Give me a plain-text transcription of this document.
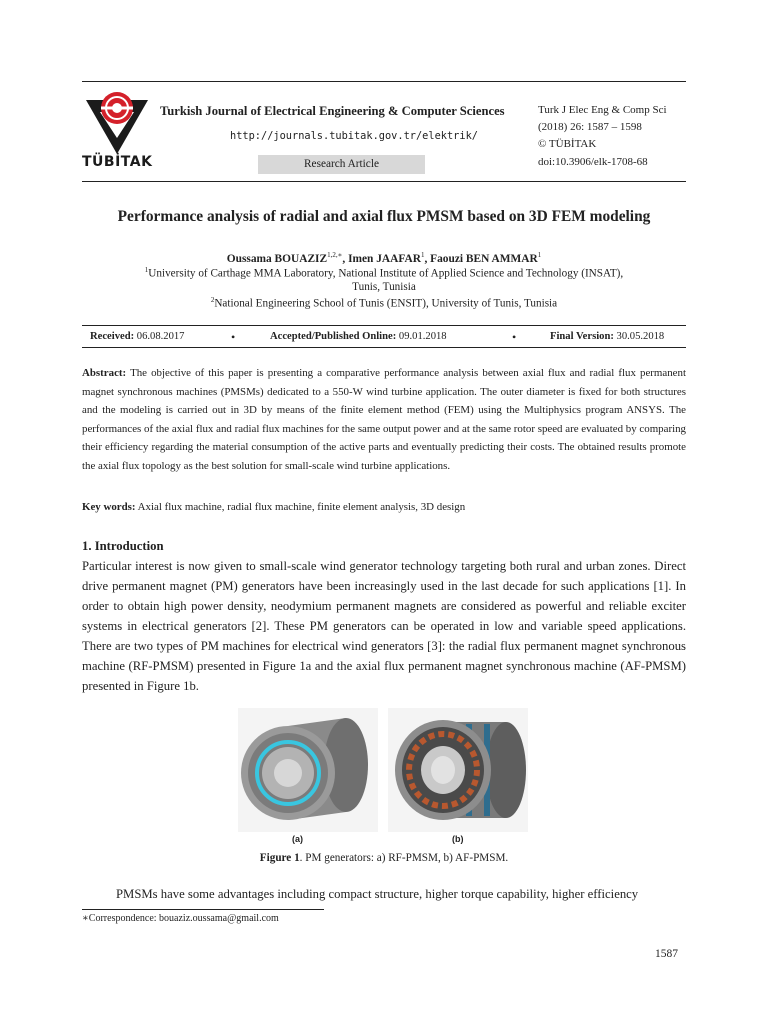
TÜBİTAK
Turkish Journal of Electrical Engineering & Computer Sciences
http://journals.tubitak.gov.tr/elektrik/
Research Article
Turk J Elec Eng & Comp Sci
(2018) 26: 1587 – 1598
© TÜBİTAK
doi:10.3906/elk-1708-68
Performance analysis of radial and axial flux PMSM based on 3D FEM modeling
Oussama $BOUAZIZ^{1,2,∗}$, Imen JAAFAR$^1$, Faouzi BEN AMMAR$^1$
$^1$University of Carthage MMA Laboratory, National Institute of Applied Science and Technology (INSAT),
Tunis, Tunisia
$^2$National Engineering School of Tunis (ENSIT), University of Tunis, Tunisia
Received: 06.08.2017	•	Accepted/Published Online: 09.01.2018	•	Final Version: 30.05.2018
Abstract: The objective of this paper is presenting a comparative performance analysis between axial flux and radial flux permanent magnet synchronous machines (PMSMs) dedicated to a 550-W wind turbine application. The outer diameter is fixed for both structures and the modeling is carried out in 3D by means of the finite element method (FEM) using the Multiphysics program ANSYS. The performances of the axial flux and radial flux machines for the same output power and at the same rotor speed are evaluated by comparing their efficiency regarding the material consumption of the active parts and eventually predicting their costs. The obtained results promote the axial flux topology as the best solution for small-scale wind turbine applications.
Key words: Axial flux machine, radial flux machine, finite element analysis, 3D design
1. Introduction
Particular interest is now given to small-scale wind generator technology targeting both rural and urban zones. Direct drive permanent magnet (PM) generators have been increasingly used in the last decade for such applications [1]. In order to obtain high power density, neodymium permanent magnets are considered as powerful and reliable exciter systems in electrical generators [2]. These PM generators can be operated in low and variable speed applications. There are two types of PM machines for electrical wind generators [3]: the radial flux permanent magnet synchronous machine (RF-PMSM) presented in Figure 1a and the axial flux permanent magnet synchronous machine (AF-PMSM) presented in Figure 1b.
(a)	(b)
Figure 1. PM generators: a) RF-PMSM, b) AF-PMSM.
PMSMs have some advantages including compact structure, higher torque capability, higher efficiency
∗Correspondence: bouaziz.oussama@gmail.com
1587
